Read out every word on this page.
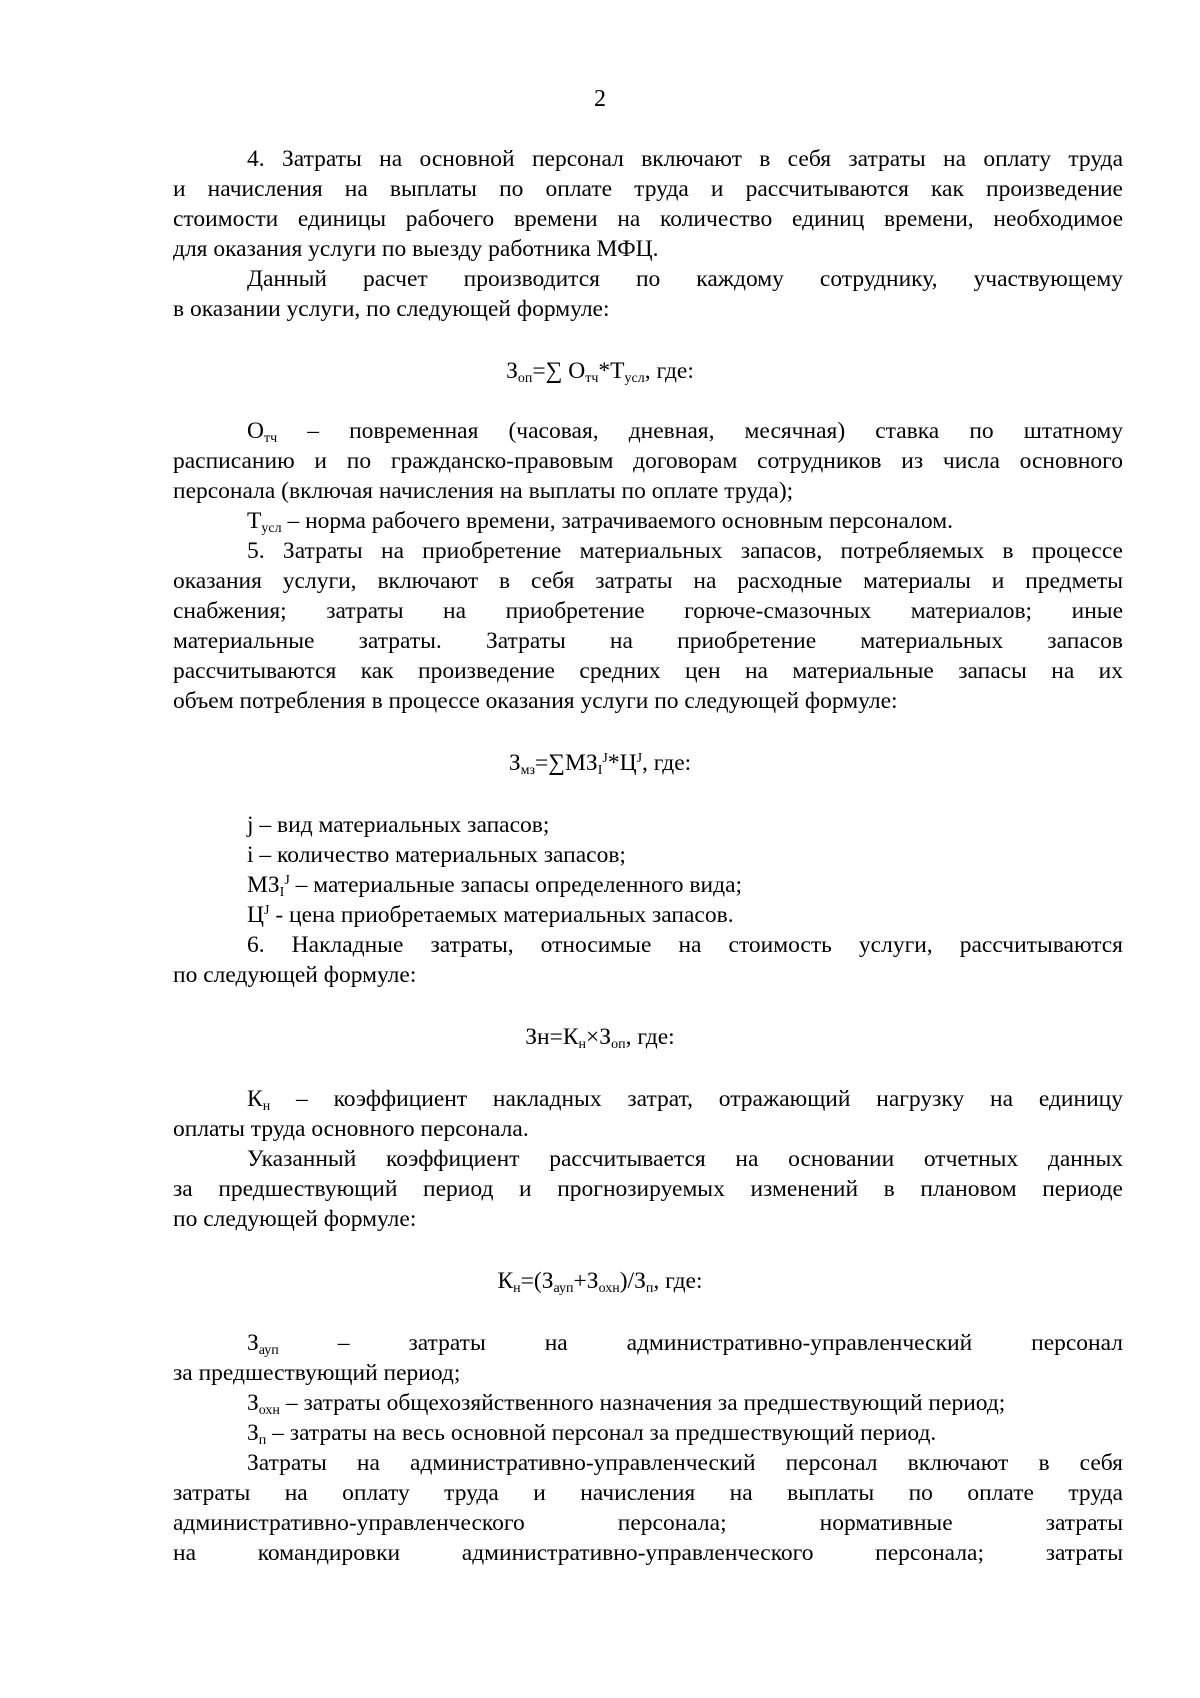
2
4. Затраты на основной персонал включают в себя затраты на оплату труда
и начисления на выплаты по оплате труда и рассчитываются как произведение
стоимости единицы рабочего времени на количество единиц времени, необходимое
для оказания услуги по выезду работника МФЦ.
Данный расчет производится по каждому сотруднику, участвующему
в оказании услуги, по следующей формуле:
$З_{оп}=\sum$ $О_{тч}*Т_{усл}$, где:
$О_{тч}$ – повременная (часовая, дневная, месячная) ставка по штатному
расписанию и по гражданско-правовым договорам сотрудников из числа основного
персонала (включая начисления на выплаты по оплате труда);
$Т_{усл}$ – норма рабочего времени, затрачиваемого основным персоналом.
5. Затраты на приобретение материальных запасов, потребляемых в процессе
оказания услуги, включают в себя затраты на расходные материалы и предметы
снабжения; затраты на приобретение горюче-смазочных материалов; иные
материальные затраты. Затраты на приобретение материальных запасов
рассчитываются как произведение средних цен на материальные запасы на их
объем потребления в процессе оказания услуги по следующей формуле:
$З_{мз}=\sum МЗ_I^J*Ц^J$, где:
j – вид материальных запасов;
i – количество материальных запасов;
$МЗ_I^J$ – материальные запасы определенного вида;
$Ц^J$ - цена приобретаемых материальных запасов.
6. Накладные затраты, относимые на стоимость услуги, рассчитываются
по следующей формуле:
$Зн=К_н\times З_{оп}$, где:
$К_н$ – коэффициент накладных затрат, отражающий нагрузку на единицу
оплаты труда основного персонала.
Указанный коэффициент рассчитывается на основании отчетных данных
за предшествующий период и прогнозируемых изменений в плановом периоде
по следующей формуле:
$К_н=(З_{ауп}+З_{охн})/З_п$, где:
$З_{ауп}$ – затраты на административно-управленческий персонал
за предшествующий период;
$З_{охн}$ – затраты общехозяйственного назначения за предшествующий период;
$З_п$ – затраты на весь основной персонал за предшествующий период.
Затраты на административно-управленческий персонал включают в себя
затраты на оплату труда и начисления на выплаты по оплате труда
административно-управленческого персонала; нормативные затраты
на командировки административно-управленческого персонала; затраты
